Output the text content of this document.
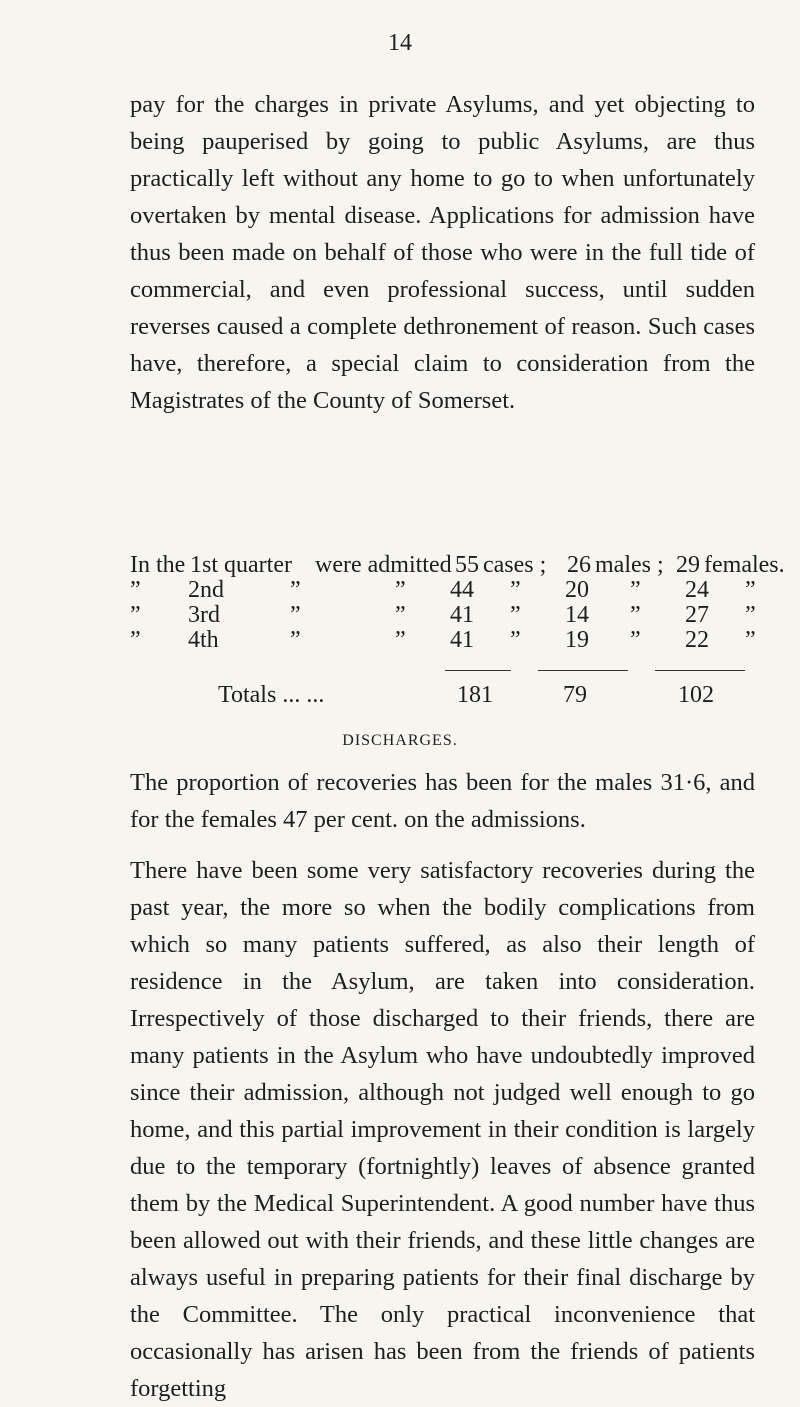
14

pay for the charges in private Asylums, and yet objecting to being pauperised by going to public Asylums, are thus practically left without any home to go to when unfortunately overtaken by mental disease. Applications for admission have thus been made on behalf of those who were in the full tide of commercial, and even professional success, until sudden reverses caused a complete dethronement of reason. Such cases have, therefore, a special claim to consideration from the Magistrates of the County of Somerset.

In the 1st quarter were admitted 55 cases ; 26 males ; 29 females.
” 2nd	”	” 44 ” 20 ” 24 ”
” 3rd	”	” 41 ” 14 ” 27 ”
” 4th	”	” 41 ” 19 ” 22 ”
Totals ... ...	181	79	102
DISCHARGES.

The proportion of recoveries has been for the males 31·6, and for the females 47 per cent. on the admissions.

There have been some very satisfactory recoveries during the past year, the more so when the bodily complications from which so many patients suffered, as also their length of residence in the Asylum, are taken into consideration. Irrespectively of those discharged to their friends, there are many patients in the Asylum who have undoubtedly improved since their admission, although not judged well enough to go home, and this partial improvement in their condition is largely due to the temporary (fortnightly) leaves of absence granted them by the Medical Superintendent. A good number have thus been allowed out with their friends, and these little changes are always useful in preparing patients for their final discharge by the Committee. The only practical inconvenience that occasionally has arisen has been from the friends of patients forgetting
